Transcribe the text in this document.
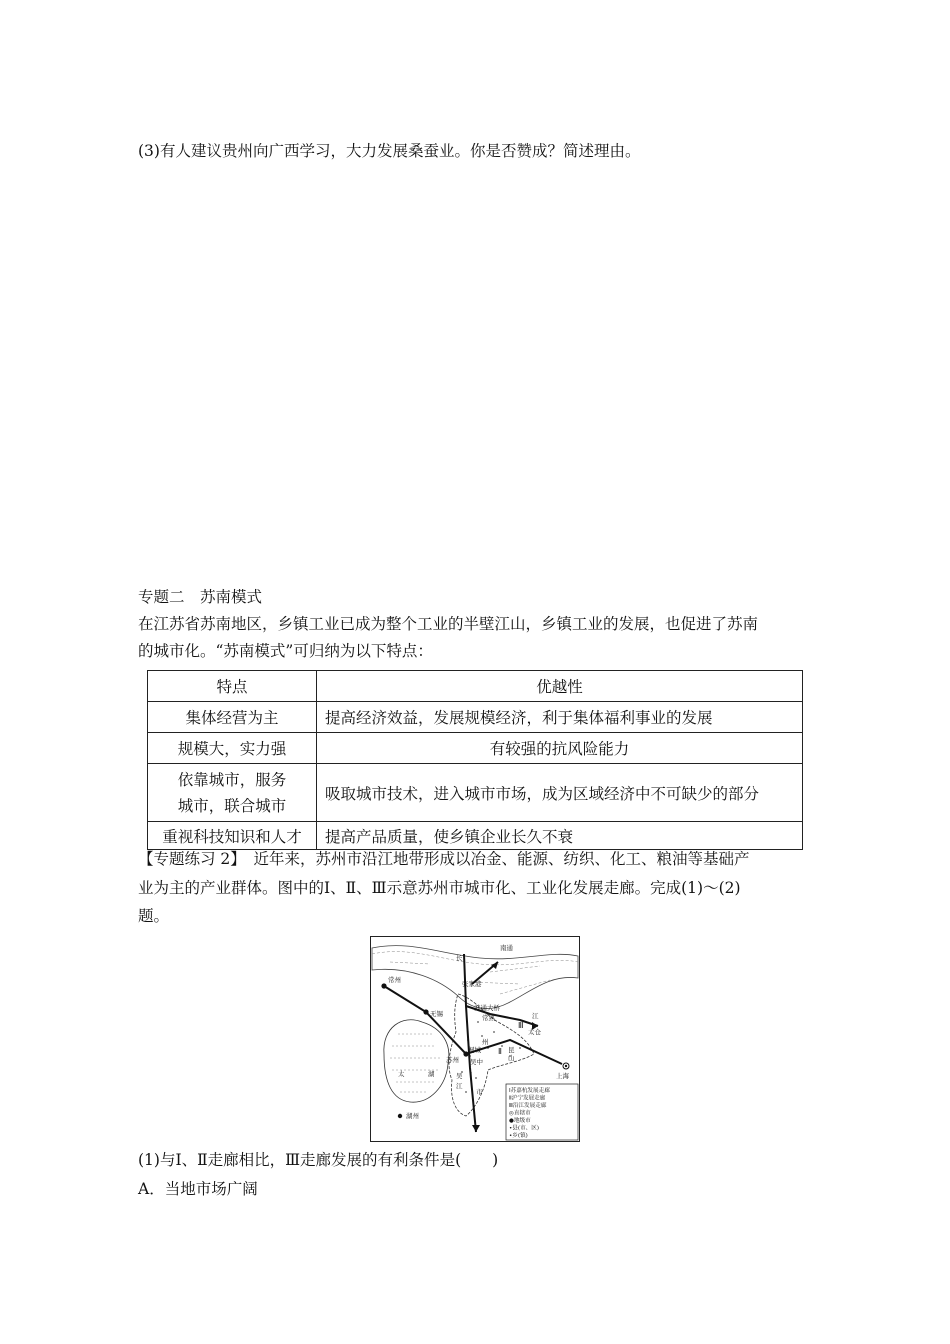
(3)有人建议贵州向广西学习，大力发展桑蚕业。你是否赞成？简述理由。
专题二　苏南模式
在江苏省苏南地区，乡镇工业已成为整个工业的半壁江山，乡镇工业的发展，也促进了苏南
的城市化。“苏南模式”可归纳为以下特点：
特点	优越性
集体经营为主	提高经济效益，发展规模经济，利于集体福利事业的发展
规模大，实力强	有较强的抗风险能力
依靠城市，服务
城市，联合城市	吸取城市技术，进入城市市场，成为区域经济中不可缺少的部分
重视科技知识和人才	提高产品质量，使乡镇企业长久不衰
【专题练习 2】　近年来，苏州市沿江地带形成以冶金、能源、纺织、化工、粮油等基础产
业为主的产业群体。图中的Ⅰ、Ⅱ、Ⅲ示意苏州市城市化、工业化发展走廊。完成(1)～(2)
题。
南通
常州	张家港
苏通大桥
常熟
无锡	江
太仓
州
长
桐城	昆
山
苏州 吴中
太	湖	吴
江
市
上海
湖州
Ⅰ
Ⅱ
Ⅲ
Ⅰ苏嘉杭发展走廊
Ⅱ沪宁发展走廊
Ⅲ沿江发展走廊
◎直辖市
●地级市
•县(市、区)
•乡(镇)
(1)与Ⅰ、Ⅱ走廊相比，Ⅲ走廊发展的有利条件是(　　)
A．当地市场广阔
